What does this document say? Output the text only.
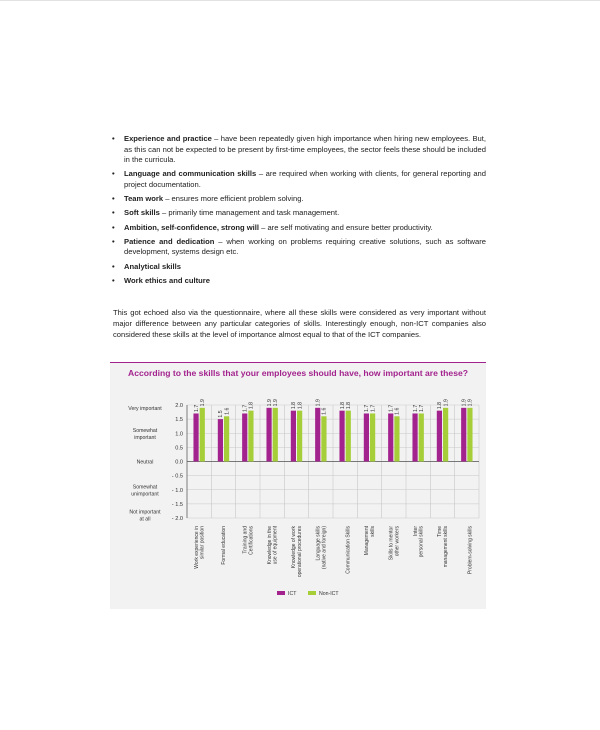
• Experience and practice – have been repeatedly given high importance when hiring new employees. But, as this can not be expected to be present by first-time employees, the sector feels these should be included in the curricula.
• Language and communication skills – are required when working with clients, for general reporting and project documentation.
• Team work – ensures more efficient problem solving.
• Soft skills – primarily time management and task management.
• Ambition, self-confidence, strong will – are self motivating and ensure better productivity.
• Patience and dedication – when working on problems requiring creative solutions, such as software development, systems design etc.
• Analytical skills
• Work ethics and culture

This got echoed also via the questionnaire, where all these skills were considered as very important without major difference between any particular categories of skills. Interestingly enough, non-ICT companies also considered these skills at the level of importance almost equal to that of the ICT companies.

According to the skills that your employees should have, how important are these?
2.0
1.5
1.0
0.5
0.0
- 0.5
- 1.0
- 1.5
- 2.0
Very important
Somewhat
important
Neutral
Somewhat
unimportant
Not important
at all
1.7
1.9
Work experience in similar position
1.5 1.6
Formal education
1.7 1.8
Training and Certifications
1.9 1.9
Knowledge in the use of equipment
1.8 1.8
Knowledge of work operational procedures
1.9
1.6
Language skills (native and foreign)
1.8 1.8
Communication Skills
1.7 1.7
Management skills
1.7 1.6
Skills to mentor other workers
1.7 1.7
Inter personal skills
1.8 1.9
Time management skills
1.9 1.9
Problem-solving skills
ICT	Non-ICT
